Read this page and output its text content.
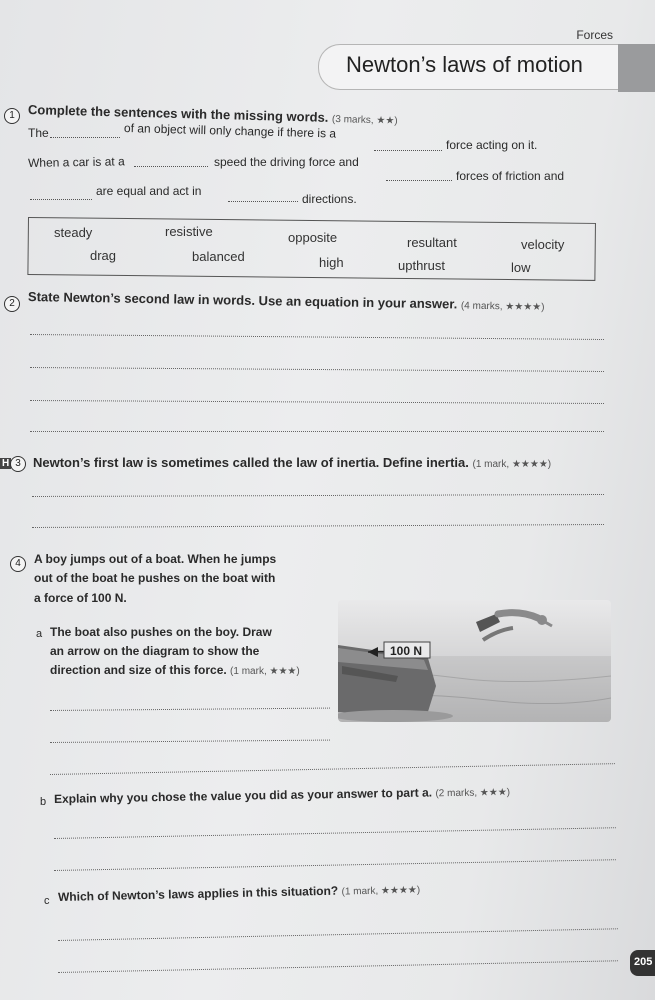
Forces
Newton’s laws of motion
1	Complete the sentences with the missing words. (3 marks, ★★)
The	of an object will only change if there is a
force acting on it.
When a car is at a	speed the driving force and
forces of friction and
are equal and act in
directions.
steady	resistive	opposite	resultant	velocity
drag	balanced	high	upthrust	low
2	State Newton’s second law in words. Use an equation in your answer. (4 marks, ★★★★)
H 3 Newton’s first law is sometimes called the law of inertia. Define inertia. (1 mark, ★★★★)
4	A boy jumps out of a boat. When he jumps
out of the boat he pushes on the boat with
a force of 100 N.
a The boat also pushes on the boy. Draw
an arrow on the diagram to show the
direction and size of this force. (1 mark, ★★★)
100 N
b Explain why you chose the value you did as your answer to part a. (2 marks, ★★★)
c Which of Newton’s laws applies in this situation? (1 mark, ★★★★)
205
